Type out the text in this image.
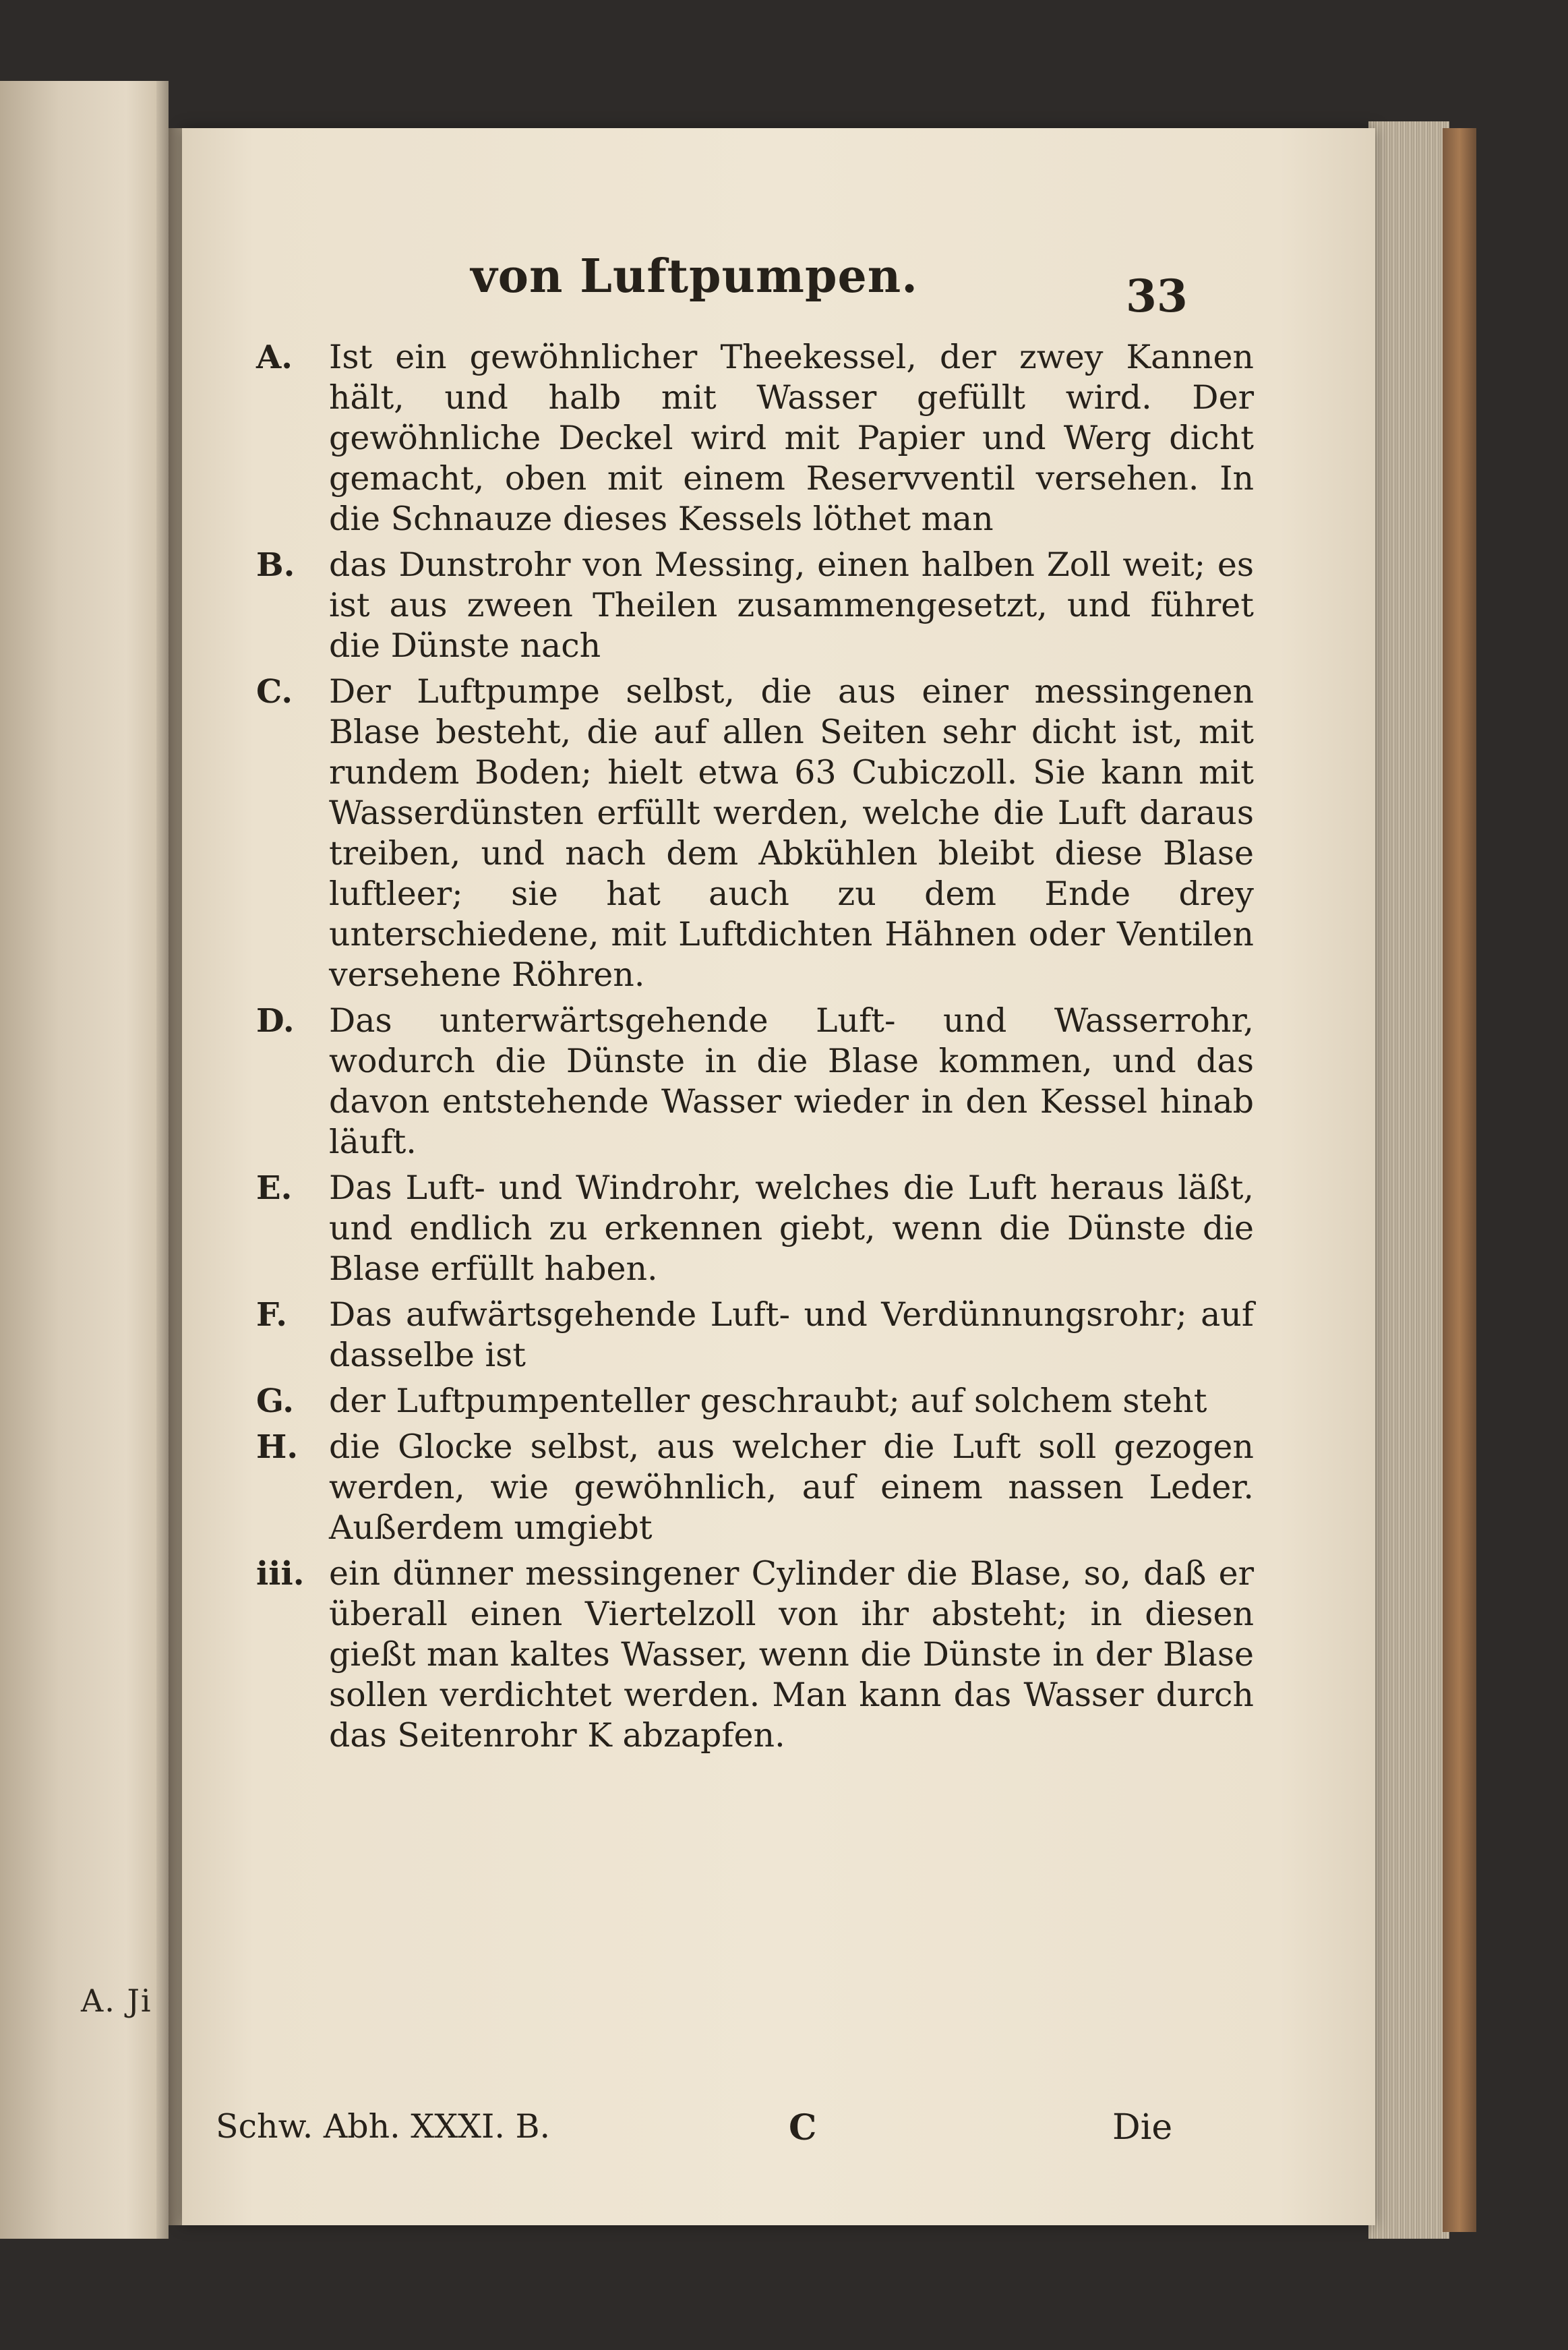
A. Ji
von Luftpumpen.	33
A.	Ist ein gewöhnlicher Theekessel, der zwey Kannen hält, und halb mit Wasser gefüllt wird. Der gewöhnliche Deckel wird mit Papier und Werg dicht gemacht, oben mit einem Reservventil versehen. In die Schnauze dieses Kessels löthet man
B.	das Dunstrohr von Messing, einen halben Zoll weit; es ist aus zween Theilen zusammengesetzt, und führet die Dünste nach
C.	Der Luftpumpe selbst, die aus einer messingenen Blase besteht, die auf allen Seiten sehr dicht ist, mit rundem Boden; hielt etwa 63 Cubiczoll. Sie kann mit Wasserdünsten erfüllt werden, welche die Luft daraus treiben, und nach dem Abkühlen bleibt diese Blase luftleer; sie hat auch zu dem Ende drey unterschiedene, mit Luftdichten Hähnen oder Ventilen versehene Röhren.
D.	Das unterwärtsgehende Luft- und Wasserrohr, wodurch die Dünste in die Blase kommen, und das davon entstehende Wasser wieder in den Kessel hinab läuft.
E.	Das Luft- und Windrohr, welches die Luft heraus läßt, und endlich zu erkennen giebt, wenn die Dünste die Blase erfüllt haben.
F.	Das aufwärtsgehende Luft- und Verdünnungsrohr; auf dasselbe ist
G.	der Luftpumpenteller geschraubt; auf solchem steht
H. die Glocke selbst, aus welcher die Luft soll gezogen werden, wie gewöhnlich, auf einem nassen Leder. Außerdem umgiebt
iii. ein dünner messingener Cylinder die Blase, so, daß er überall einen Viertelzoll von ihr absteht; in diesen gießt man kaltes Wasser, wenn die Dünste in der Blase sollen verdichtet werden. Man kann das Wasser durch das Seitenrohr K abzapfen.
Schw. Abh. XXXI. B.	C	Die
